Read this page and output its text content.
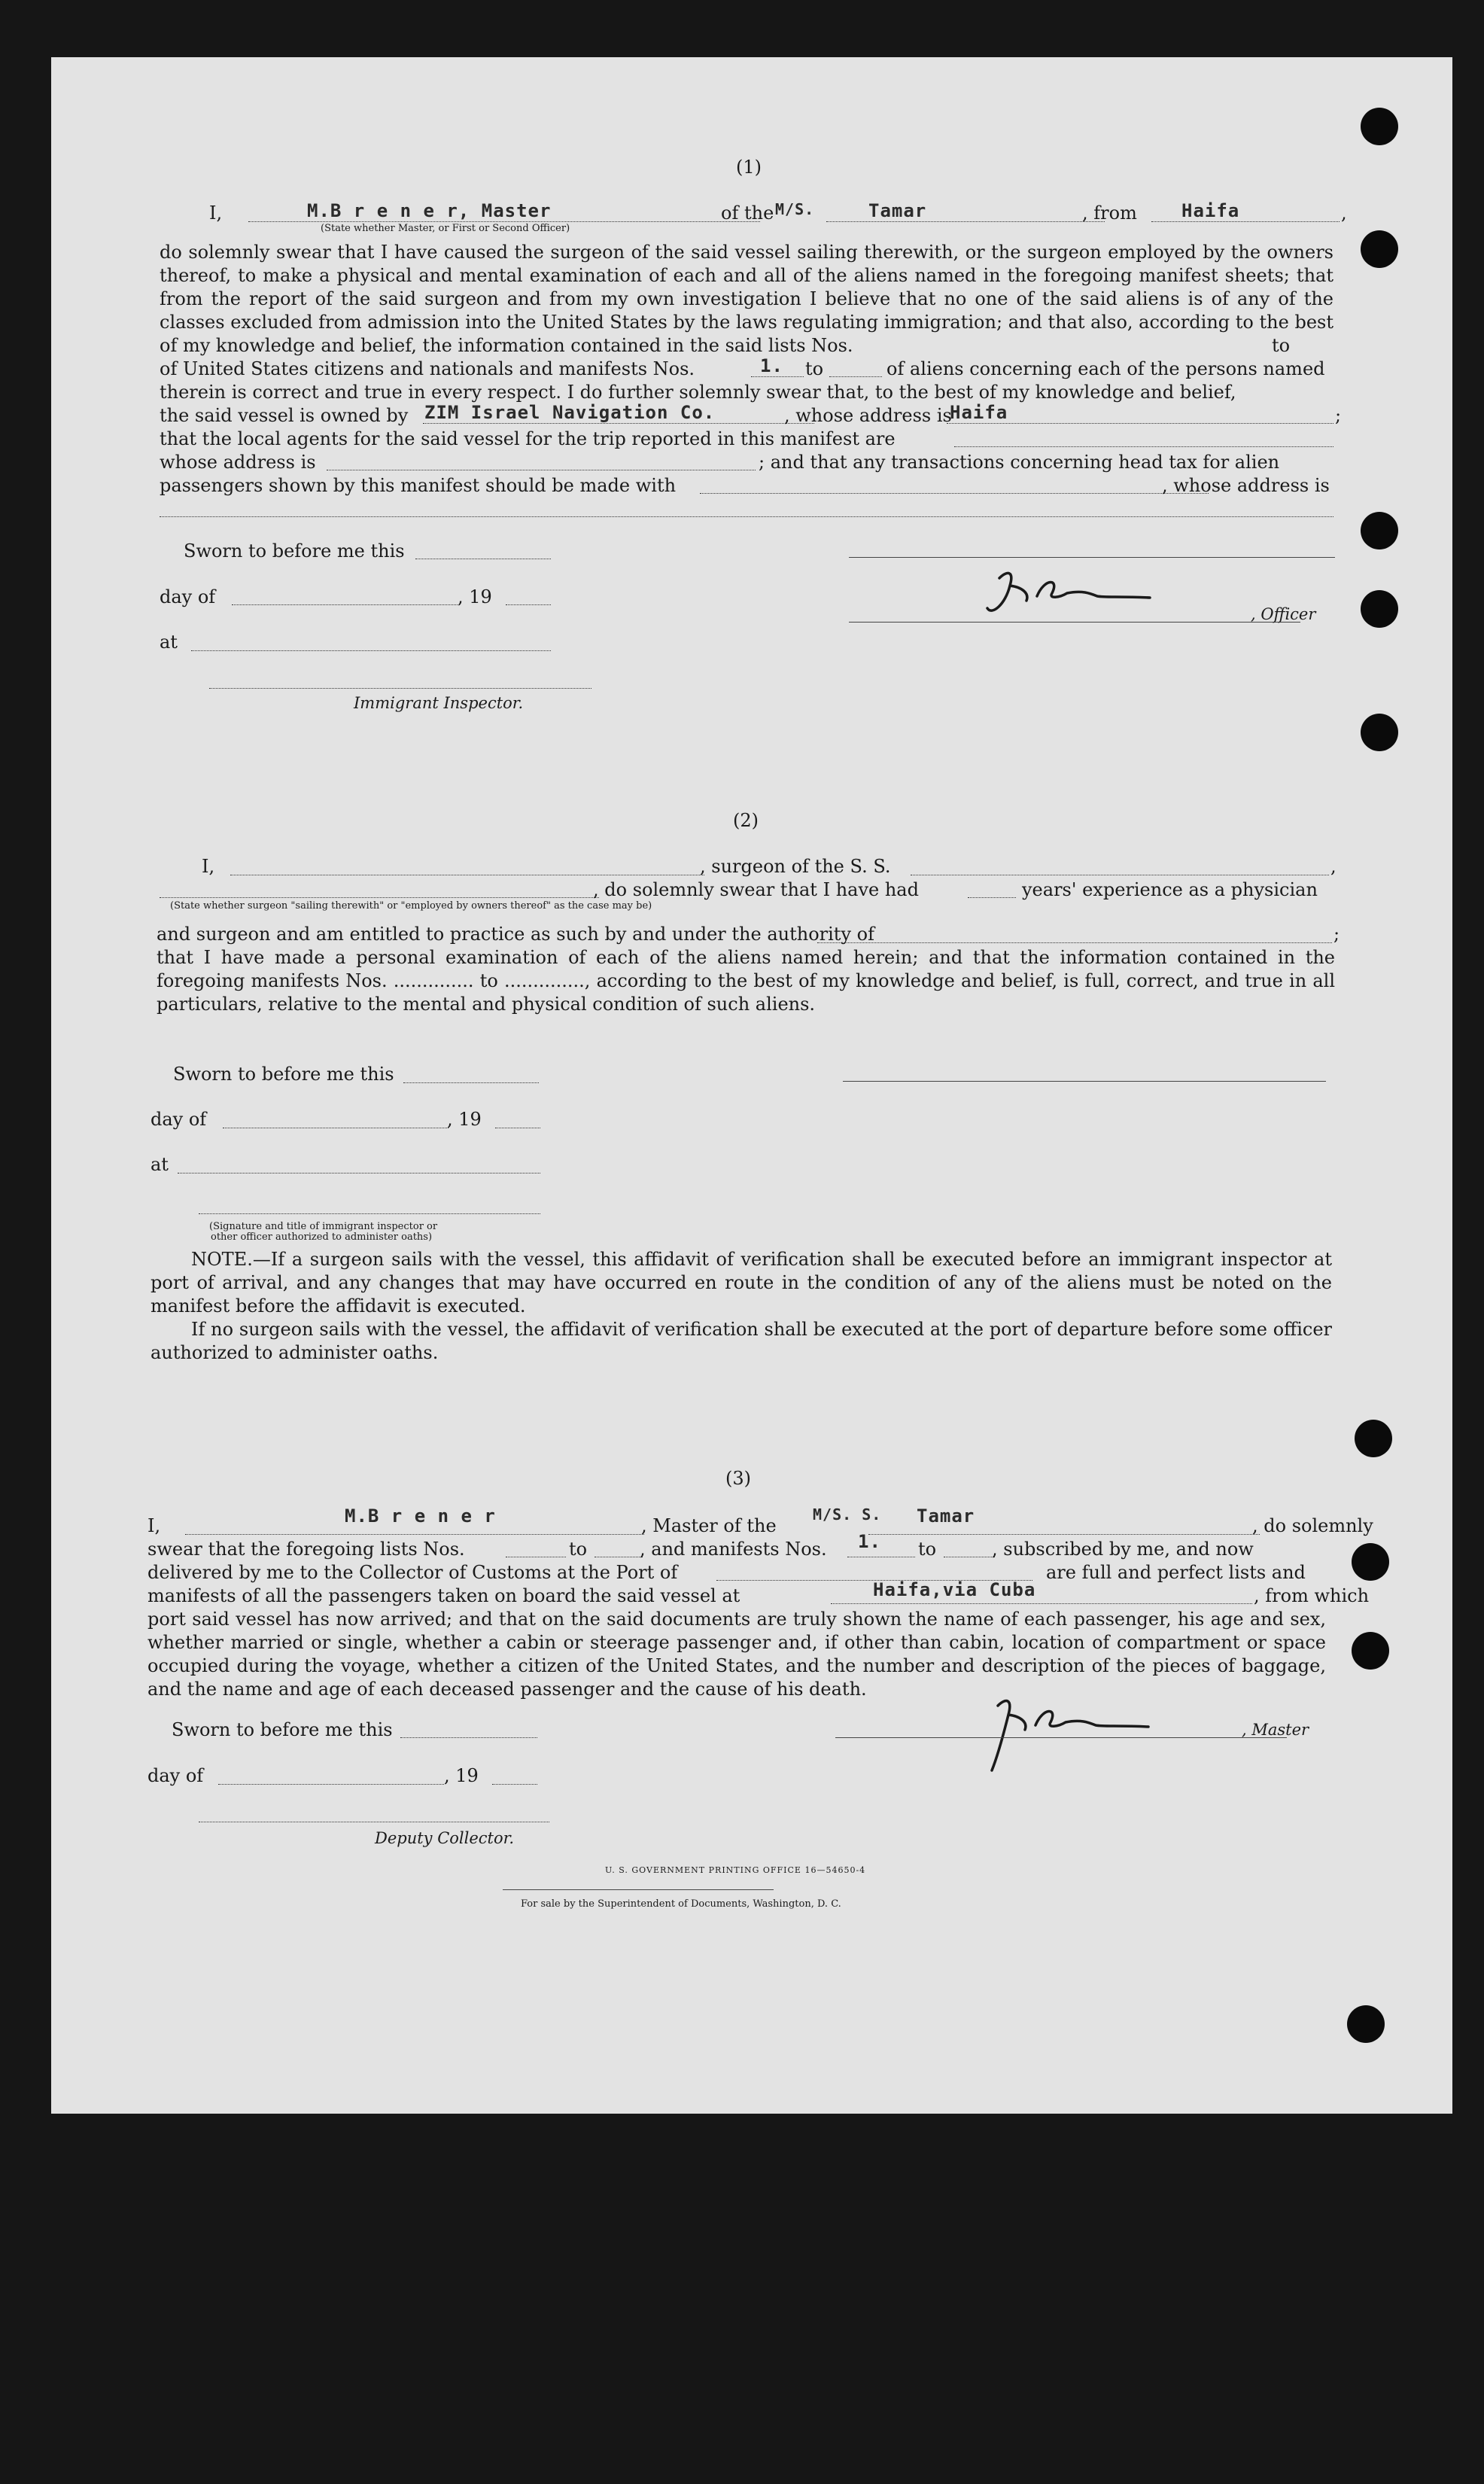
(1)
I,	M.B r e n e r, Master	of the M/S.	Tamar	, from Haifa	,
(State whether Master, or First or Second Officer)
do solemnly swear that I have caused the surgeon of the said vessel sailing therewith, or the surgeon employed by the owners thereof, to make a physical and mental examination of each and all of the aliens named in the foregoing manifest sheets; that from the report of the said surgeon and from my own investigation I believe that no one of the said aliens is of any of the classes excluded from admission into the United States by the laws regulating immigration; and that also, according to the best of my knowledge and belief, the information contained in the said lists Nos.	to
of United States citizens and nationals and manifests Nos.	1. to	of aliens concerning each of the persons named
therein is correct and true in every respect. I do further solemnly swear that, to the best of my knowledge and belief,
the said vessel is owned by ZIM Israel Navigation Co.	, whose address is
Haifa	;
that the local agents for the said vessel for the trip reported in this manifest are
whose address is	; and that any transactions concerning head tax for alien
passengers shown by this manifest should be made with	, whose address is
Sworn to before me this
day of	, 19
, Officer
at
Immigrant Inspector.
(2)
I,	, surgeon of the S. S.	,
, do solemnly swear that I have had	years' experience as a physician
(State whether surgeon "sailing therewith" or "employed by owners thereof" as the case may be)
and surgeon and am entitled to practice as such by and under the authority of	;
that I have made a personal examination of each of the aliens named herein; and that the information contained in the foregoing manifests Nos. .............. to .............., according to the best of my knowledge and belief, is full, correct, and true in all particulars, relative to the mental and physical condition of such aliens.
Sworn to before me this
day of	, 19
at
(Signature and title of immigrant inspector or
other officer authorized to administer oaths)
NOTE.—If a surgeon sails with the vessel, this affidavit of verification shall be executed before an immigrant inspector at port of arrival, and any changes that may have occurred en route in the condition of any of the aliens must be noted on the manifest before the affidavit is executed.
If no surgeon sails with the vessel, the affidavit of verification shall be executed at the port of departure before some officer authorized to administer oaths.
(3)
I,	M.B r e n e r	, Master of the
M/S. S. Tamar	, do solemnly
swear that the foregoing lists Nos.	to	, and manifests Nos. 1. to	, subscribed by me, and now
delivered by me to the Collector of Customs at the Port of	are full and perfect lists and
manifests of all the passengers taken on board the said vessel at	Haifa,via Cuba	, from which
port said vessel has now arrived; and that on the said documents are truly shown the name of each passenger, his age and sex, whether married or single, whether a cabin or steerage passenger and, if other than cabin, location of compartment or space occupied during the voyage, whether a citizen of the United States, and the number and description of the pieces of baggage, and the name and age of each deceased passenger and the cause of his death.
Sworn to before me this	, Master
day of	, 19
Deputy Collector.
U. S. GOVERNMENT PRINTING OFFICE 16—54650-4
For sale by the Superintendent of Documents, Washington, D. C.
